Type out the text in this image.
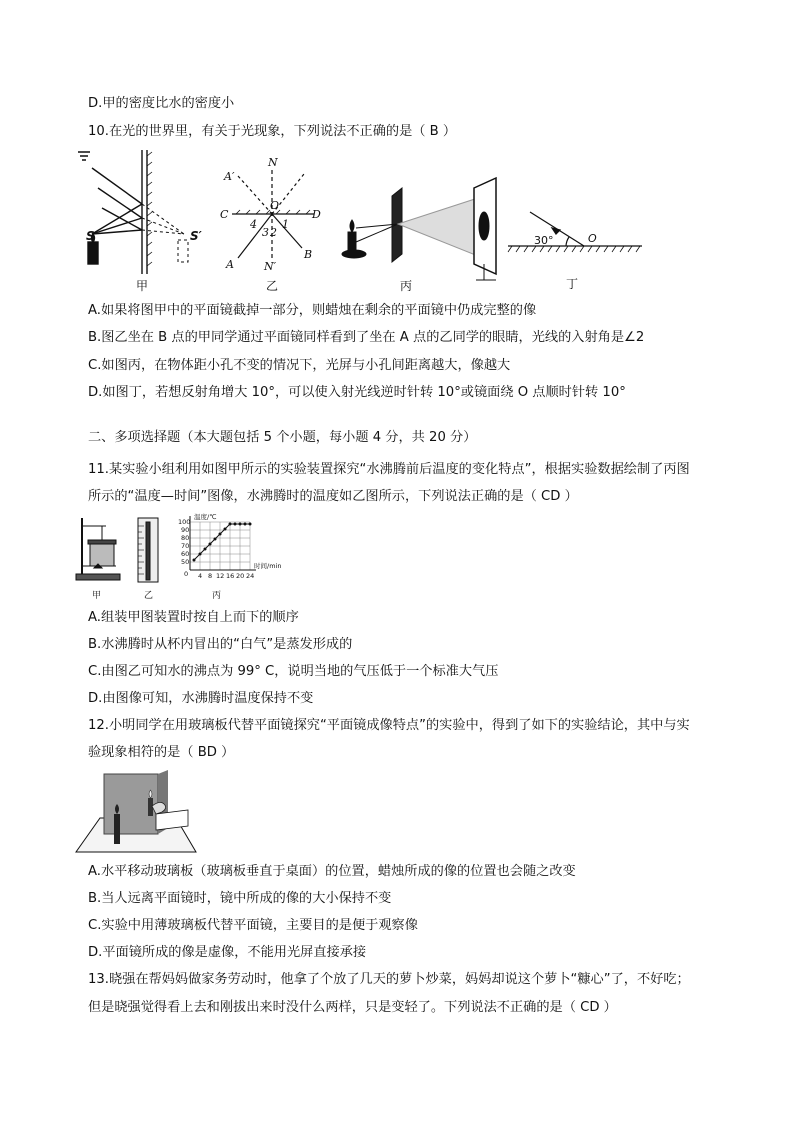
D.甲的密度比水的密度小
10.在光的世界里，有关于光现象，下列说法不正确的是（ B ）
S	S′
甲
A′
N
C
O
D
4
3 2
1
A
B
N′
乙	丙
30°	O
丁
A.如果将图甲中的平面镜截掉一部分，则蜡烛在剩余的平面镜中仍成完整的像
B.图乙坐在 B 点的甲同学通过平面镜同样看到了坐在 A 点的乙同学的眼睛，光线的入射角是∠2
C.如图丙，在物体距小孔不变的情况下，光屏与小孔间距离越大，像越大
D.如图丁，若想反射角增大 10°，可以使入射光线逆时针转 10°或镜面绕 O 点顺时针转 10°
二、多项选择题（本大题包括 5 个小题，每小题 4 分，共 20 分）
11.某实验小组利用如图甲所示的实验装置探究“水沸腾前后温度的变化特点”，根据实验数据绘制了丙图
所示的“温度—时间”图像，水沸腾时的温度如乙图所示，下列说法正确的是（ CD ）
甲	乙
温度/℃
100
90
80
70
60
50
0 4 8 12 16 20 24
时间/min
丙
A.组装甲图装置时按自上而下的顺序
B.水沸腾时从杯内冒出的“白气”是蒸发形成的
C.由图乙可知水的沸点为 99° C，说明当地的气压低于一个标准大气压
D.由图像可知，水沸腾时温度保持不变
12.小明同学在用玻璃板代替平面镜探究“平面镜成像特点”的实验中，得到了如下的实验结论，其中与实
验现象相符的是（ BD ）
A.水平移动玻璃板（玻璃板垂直于桌面）的位置，蜡烛所成的像的位置也会随之改变
B.当人远离平面镜时，镜中所成的像的大小保持不变
C.实验中用薄玻璃板代替平面镜，主要目的是便于观察像
D.平面镜所成的像是虚像，不能用光屏直接承接
13.晓强在帮妈妈做家务劳动时，他拿了个放了几天的萝卜炒菜，妈妈却说这个萝卜“糠心”了，不好吃；
但是晓强觉得看上去和刚拔出来时没什么两样，只是变轻了。下列说法不正确的是（ CD ）
